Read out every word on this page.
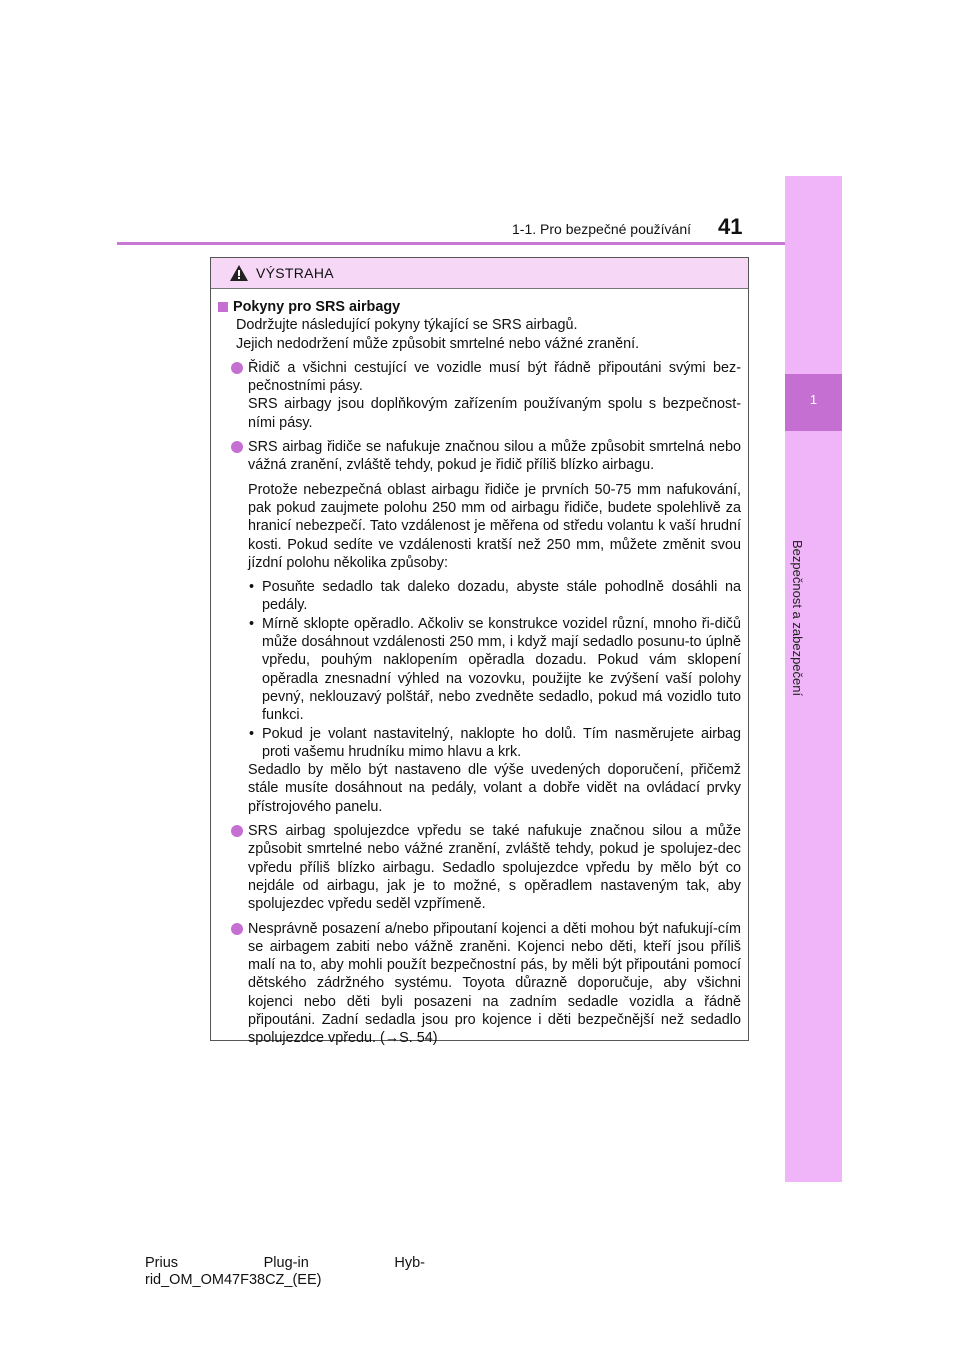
1-1. Pro bezpečné používání 41
1
Bezpečnost a zabezpečení
VÝSTRAHA

Pokyny pro SRS airbagy

Dodržujte následující pokyny týkající se SRS airbagů.

Jejich nedodržení může způsobit smrtelné nebo vážné zranění.

Řidič a všichni cestující ve vozidle musí být řádně připoutáni svými bez-pečnostními pásy.

SRS airbagy jsou doplňkovým zařízením používaným spolu s bezpečnost-ními pásy.

SRS airbag řidiče se nafukuje značnou silou a může způsobit smrtelná nebo vážná zranění, zvláště tehdy, pokud je řidič příliš blízko airbagu.

Protože nebezpečná oblast airbagu řidiče je prvních 50-75 mm nafukování, pak pokud zaujmete polohu 250 mm od airbagu řidiče, budete spolehlivě za hranicí nebezpečí. Tato vzdálenost je měřena od středu volantu k vaší hrudní kosti. Pokud sedíte ve vzdálenosti kratší než 250 mm, můžete změnit svou jízdní polohu několika způsoby:

• Posuňte sedadlo tak daleko dozadu, abyste stále pohodlně dosáhli na pedály.

• Mírně sklopte opěradlo. Ačkoliv se konstrukce vozidel různí, mnoho ři-dičů může dosáhnout vzdálenosti 250 mm, i když mají sedadlo posunu-to úplně vpředu, pouhým naklopením opěradla dozadu. Pokud vám sklopení opěradla znesnadní výhled na vozovku, použijte ke zvýšení vaší polohy pevný, neklouzavý polštář, nebo zvedněte sedadlo, pokud má vozidlo tuto funkci.

• Pokud je volant nastavitelný, naklopte ho dolů. Tím nasměrujete airbag proti vašemu hrudníku mimo hlavu a krk.

Sedadlo by mělo být nastaveno dle výše uvedených doporučení, přičemž stále musíte dosáhnout na pedály, volant a dobře vidět na ovládací prvky přístrojového panelu.

SRS airbag spolujezdce vpředu se také nafukuje značnou silou a může způsobit smrtelné nebo vážné zranění, zvláště tehdy, pokud je spolujez-dec vpředu příliš blízko airbagu. Sedadlo spolujezdce vpředu by mělo být co nejdále od airbagu, jak je to možné, s opěradlem nastaveným tak, aby spolujezdec vpředu seděl vzpřímeně.

Nesprávně posazení a/nebo připoutaní kojenci a děti mohou být nafukují-cím se airbagem zabiti nebo vážně zraněni. Kojenci nebo děti, kteří jsou příliš malí na to, aby mohli použít bezpečnostní pás, by měli být připoutáni pomocí dětského zádržného systému. Toyota důrazně doporučuje, aby všichni kojenci nebo děti byli posazeni na zadním sedadle vozidla a řádně připoutáni. Zadní sedadla jsou pro kojence i děti bezpečnější než sedadlo spolujezdce vpředu. (→S. 54)

Prius	Plug-in	Hyb-
rid_OM_OM47F38CZ_(EE)
